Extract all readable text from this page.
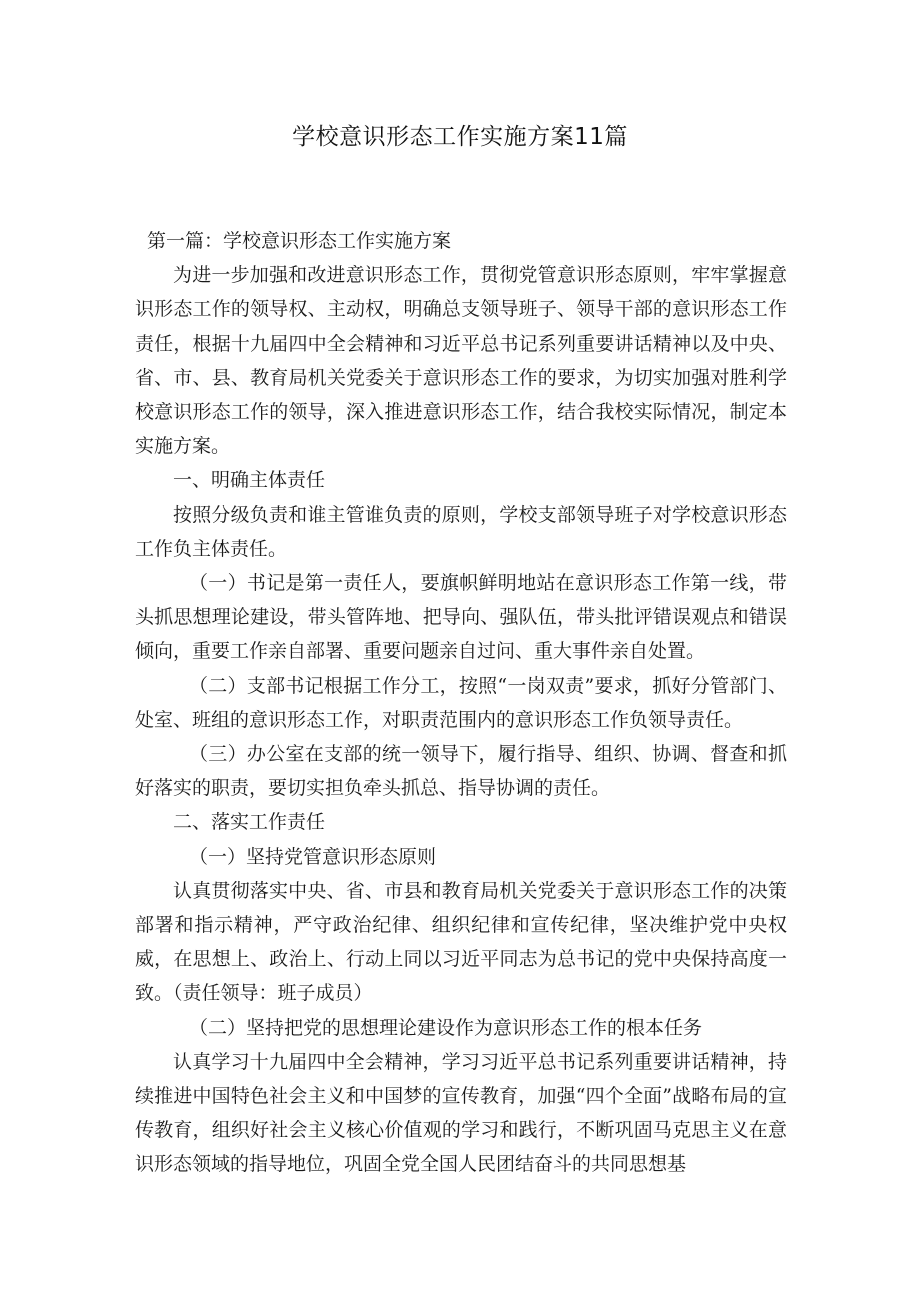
学校意识形态工作实施方案11篇

第一篇：学校意识形态工作实施方案

为进一步加强和改进意识形态工作，贯彻党管意识形态原则，牢牢掌握意识形态工作的领导权、主动权，明确总支领导班子、领导干部的意识形态工作责任，根据十九届四中全会精神和习近平总书记系列重要讲话精神以及中央、省、市、县、教育局机关党委关于意识形态工作的要求，为切实加强对胜利学校意识形态工作的领导，深入推进意识形态工作，结合我校实际情况，制定本实施方案。

一、明确主体责任

按照分级负责和谁主管谁负责的原则，学校支部领导班子对学校意识形态工作负主体责任。

（一）书记是第一责任人，要旗帜鲜明地站在意识形态工作第一线，带头抓思想理论建设，带头管阵地、把导向、强队伍，带头批评错误观点和错误倾向，重要工作亲自部署、重要问题亲自过问、重大事件亲自处置。

（二）支部书记根据工作分工，按照“一岗双责”要求，抓好分管部门、处室、班组的意识形态工作，对职责范围内的意识形态工作负领导责任。

（三）办公室在支部的统一领导下，履行指导、组织、协调、督查和抓好落实的职责，要切实担负牵头抓总、指导协调的责任。

二、落实工作责任

（一）坚持党管意识形态原则

认真贯彻落实中央、省、市县和教育局机关党委关于意识形态工作的决策部署和指示精神，严守政治纪律、组织纪律和宣传纪律，坚决维护党中央权威，在思想上、政治上、行动上同以习近平同志为总书记的党中央保持高度一致。（责任领导：班子成员）

（二）坚持把党的思想理论建设作为意识形态工作的根本任务

认真学习十九届四中全会精神，学习习近平总书记系列重要讲话精神，持续推进中国特色社会主义和中国梦的宣传教育，加强“四个全面”战略布局的宣传教育，组织好社会主义核心价值观的学习和践行，不断巩固马克思主义在意识形态领域的指导地位，巩固全党全国人民团结奋斗的共同思想基
